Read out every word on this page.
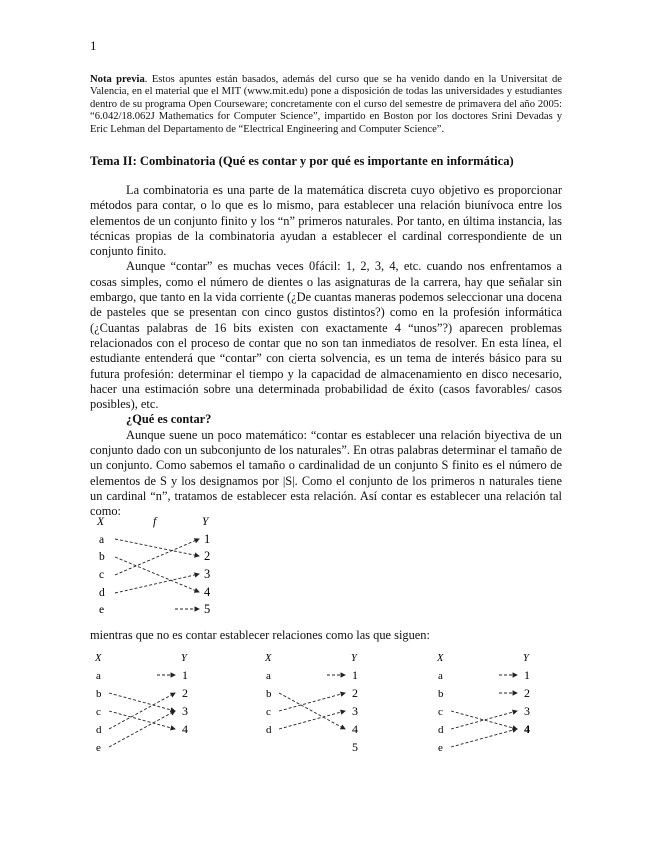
1
Nota previa. Estos apuntes están basados, además del curso que se ha venido dando en la Universitat de Valencia, en el material que el MIT (www.mit.edu) pone a disposición de todas las universidades y estudiantes dentro de su programa Open Courseware; concretamente con el curso del semestre de primavera del año 2005: “6.042/18.062J Mathematics for Computer Science”, impartido en Boston por los doctores Srini Devadas y Eric Lehman del Departamento de “Electrical Engineering and Computer Science”.
Tema II: Combinatoria (Qué es contar y por qué es importante en informática)

La combinatoria es una parte de la matemática discreta cuyo objetivo es proporcionar métodos para contar, o lo que es lo mismo, para establecer una relación biunívoca entre los elementos de un conjunto finito y los “n” primeros naturales. Por tanto, en última instancia, las técnicas propias de la combinatoria ayudan a establecer el cardinal correspondiente de un conjunto finito.

Aunque “contar” es muchas veces 0fácil: 1, 2, 3, 4, etc. cuando nos enfrentamos a cosas simples, como el número de dientes o las asignaturas de la carrera, hay que señalar sin embargo, que tanto en la vida corriente (¿De cuantas maneras podemos seleccionar una docena de pasteles que se presentan con cinco gustos distintos?) como en la profesión informática (¿Cuantas palabras de 16 bits existen con exactamente 4 “unos”?) aparecen problemas relacionados con el proceso de contar que no son tan inmediatos de resolver. En esta línea, el estudiante entenderá que “contar” con cierta solvencia, es un tema de interés básico para su futura profesión: determinar el tiempo y la capacidad de almacenamiento en disco necesario, hacer una estimación sobre una determinada probabilidad de éxito (casos favorables/ casos posibles), etc.

¿Qué es contar?

Aunque suene un poco matemático: “contar es establecer una relación biyectiva de un conjunto dado con un subconjunto de los naturales”. En otras palabras determinar el tamaño de un conjunto. Como sabemos el tamaño o cardinalidad de un conjunto S finito es el número de elementos de S y los designamos por |S|. Como el conjunto de los primeros n naturales tiene un cardinal “n”, tratamos de establecer esta relación. Así contar es establecer una relación tal como:

X	f	Y
a
b
c
d
e
1
2
3
4
5
mientras que no es contar establecer relaciones como las que siguen:
X	Y
a
b
c
d
e
1
2
3
4
X	Y
a
b
c
d
1
2
3
4
5
X	Y
a
b
c
d
e
1
2
3
4
